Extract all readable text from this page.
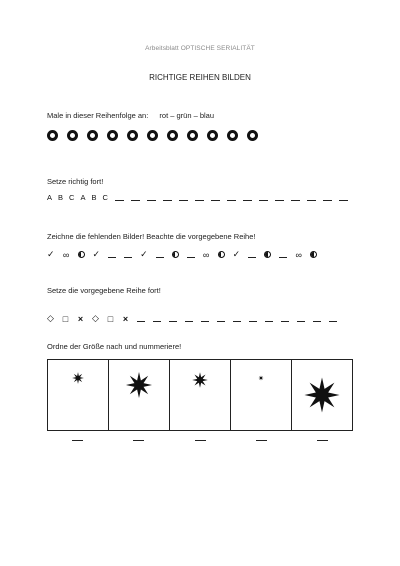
Arbeitsblatt OPTISCHE SERIALITÄT
RICHTIGE REIHEN BILDEN
Male in dieser Reihenfolge an: rot – grün – blau
Setze richtig fort!
A B C A B C
Zeichne die fehlenden Bilder! Beachte die vorgegebene Reihe!
✓ ∞	✓	✓	∞	✓	∞
Setze die vorgegebene Reihe fort!
◇ □ × ◇ □ ×
Ordne der Größe nach und nummeriere!
